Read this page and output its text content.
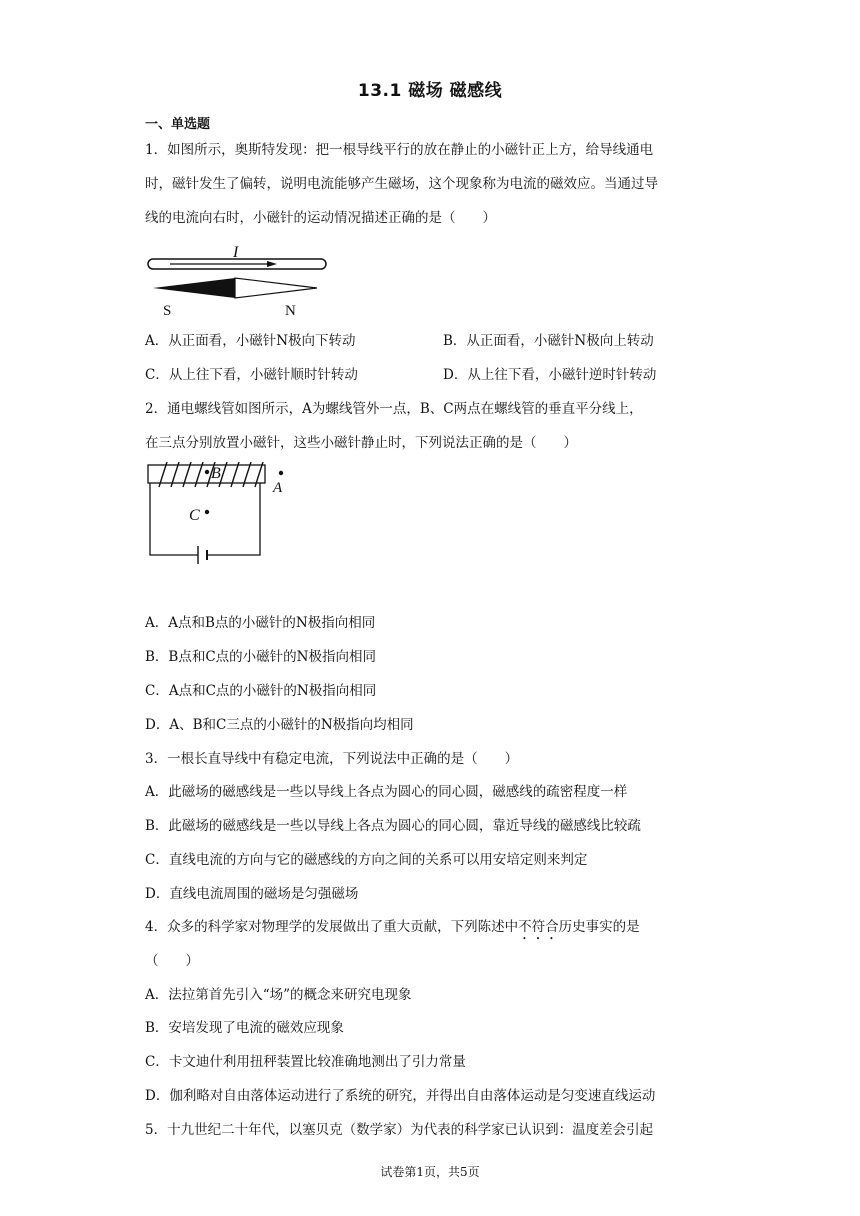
13.1 磁场 磁感线
一、单选题
1．如图所示，奥斯特发现：把一根导线平行的放在静止的小磁针正上方，给导线通电
时，磁针发生了偏转，说明电流能够产生磁场，这个现象称为电流的磁效应。当通过导
线的电流向右时，小磁针的运动情况描述正确的是（　　）
I
S	N
A．从正面看，小磁针N极向下转动	B．从正面看，小磁针N极向上转动
C．从上往下看，小磁针顺时针转动	D．从上往下看，小磁针逆时针转动
2．通电螺线管如图所示，A为螺线管外一点，B、C两点在螺线管的垂直平分线上，
在三点分别放置小磁针，这些小磁针静止时，下列说法正确的是（　　）
B
A
C
A．A点和B点的小磁针的N极指向相同
B．B点和C点的小磁针的N极指向相同
C．A点和C点的小磁针的N极指向相同
D．A、B和C三点的小磁针的N极指向均相同
3．一根长直导线中有稳定电流，下列说法中正确的是（　　）
A．此磁场的磁感线是一些以导线上各点为圆心的同心圆，磁感线的疏密程度一样
B．此磁场的磁感线是一些以导线上各点为圆心的同心圆，靠近导线的磁感线比较疏
C．直线电流的方向与它的磁感线的方向之间的关系可以用安培定则来判定
D．直线电流周围的磁场是匀强磁场
4．众多的科学家对物理学的发展做出了重大贡献，下列陈述中不符合历史事实的是
（　　）
A．法拉第首先引入“场”的概念来研究电现象
B．安培发现了电流的磁效应现象
C．卡文迪什利用扭秤装置比较准确地测出了引力常量
D．伽利略对自由落体运动进行了系统的研究，并得出自由落体运动是匀变速直线运动
5．十九世纪二十年代，以塞贝克（数学家）为代表的科学家已认识到：温度差会引起
试卷第1页，共5页
